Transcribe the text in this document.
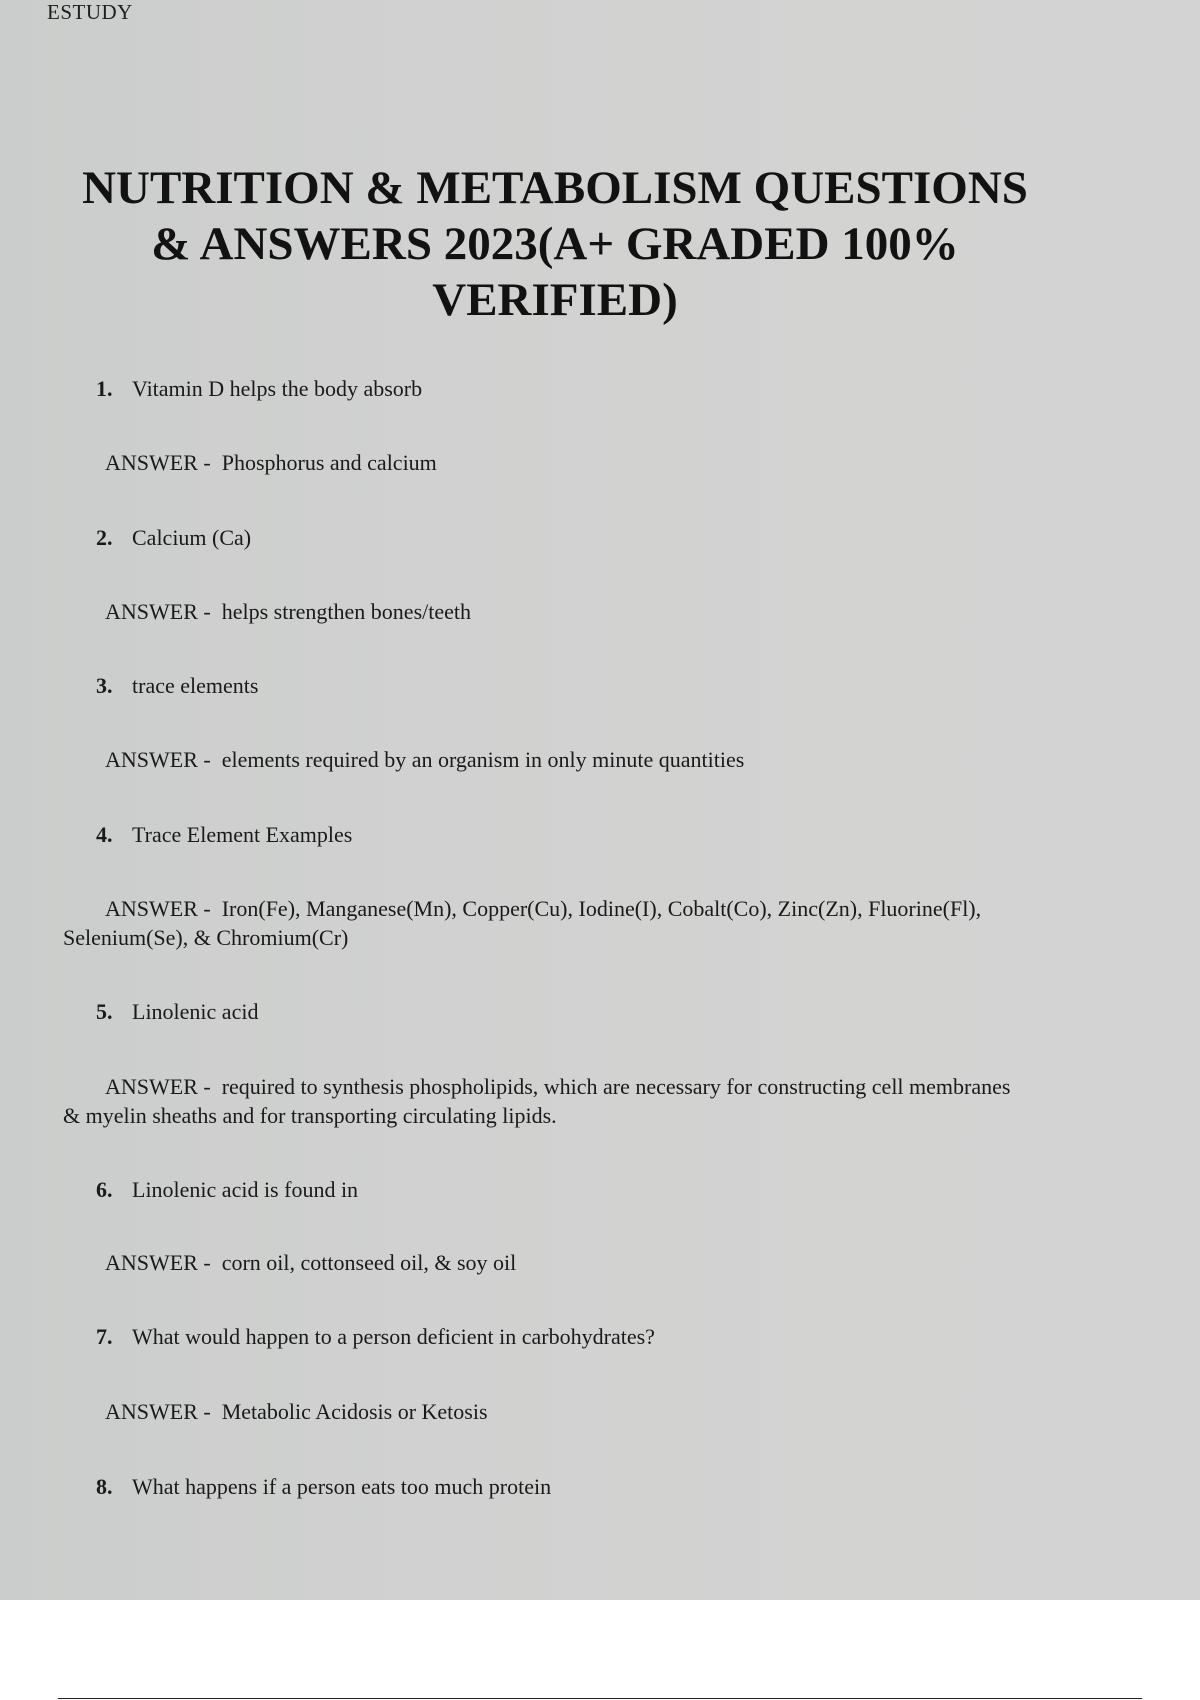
ESTUDY
NUTRITION & METABOLISM QUESTIONS
& ANSWERS 2023(A+ GRADED 100%
VERIFIED)
1. Vitamin D helps the body absorb
ANSWER - Phosphorus and calcium
2. Calcium (Ca)
ANSWER - helps strengthen bones/teeth
3. trace elements
ANSWER - elements required by an organism in only minute quantities
4. Trace Element Examples
ANSWER - Iron(Fe), Manganese(Mn), Copper(Cu), Iodine(I), Cobalt(Co), Zinc(Zn), Fluorine(Fl), Selenium(Se), & Chromium(Cr)
5. Linolenic acid
ANSWER - required to synthesis phospholipids, which are necessary for constructing cell membranes & myelin sheaths and for transporting circulating lipids.
6. Linolenic acid is found in
ANSWER - corn oil, cottonseed oil, & soy oil
7. What would happen to a person deficient in carbohydrates?
ANSWER - Metabolic Acidosis or Ketosis
8. What happens if a person eats too much protein
